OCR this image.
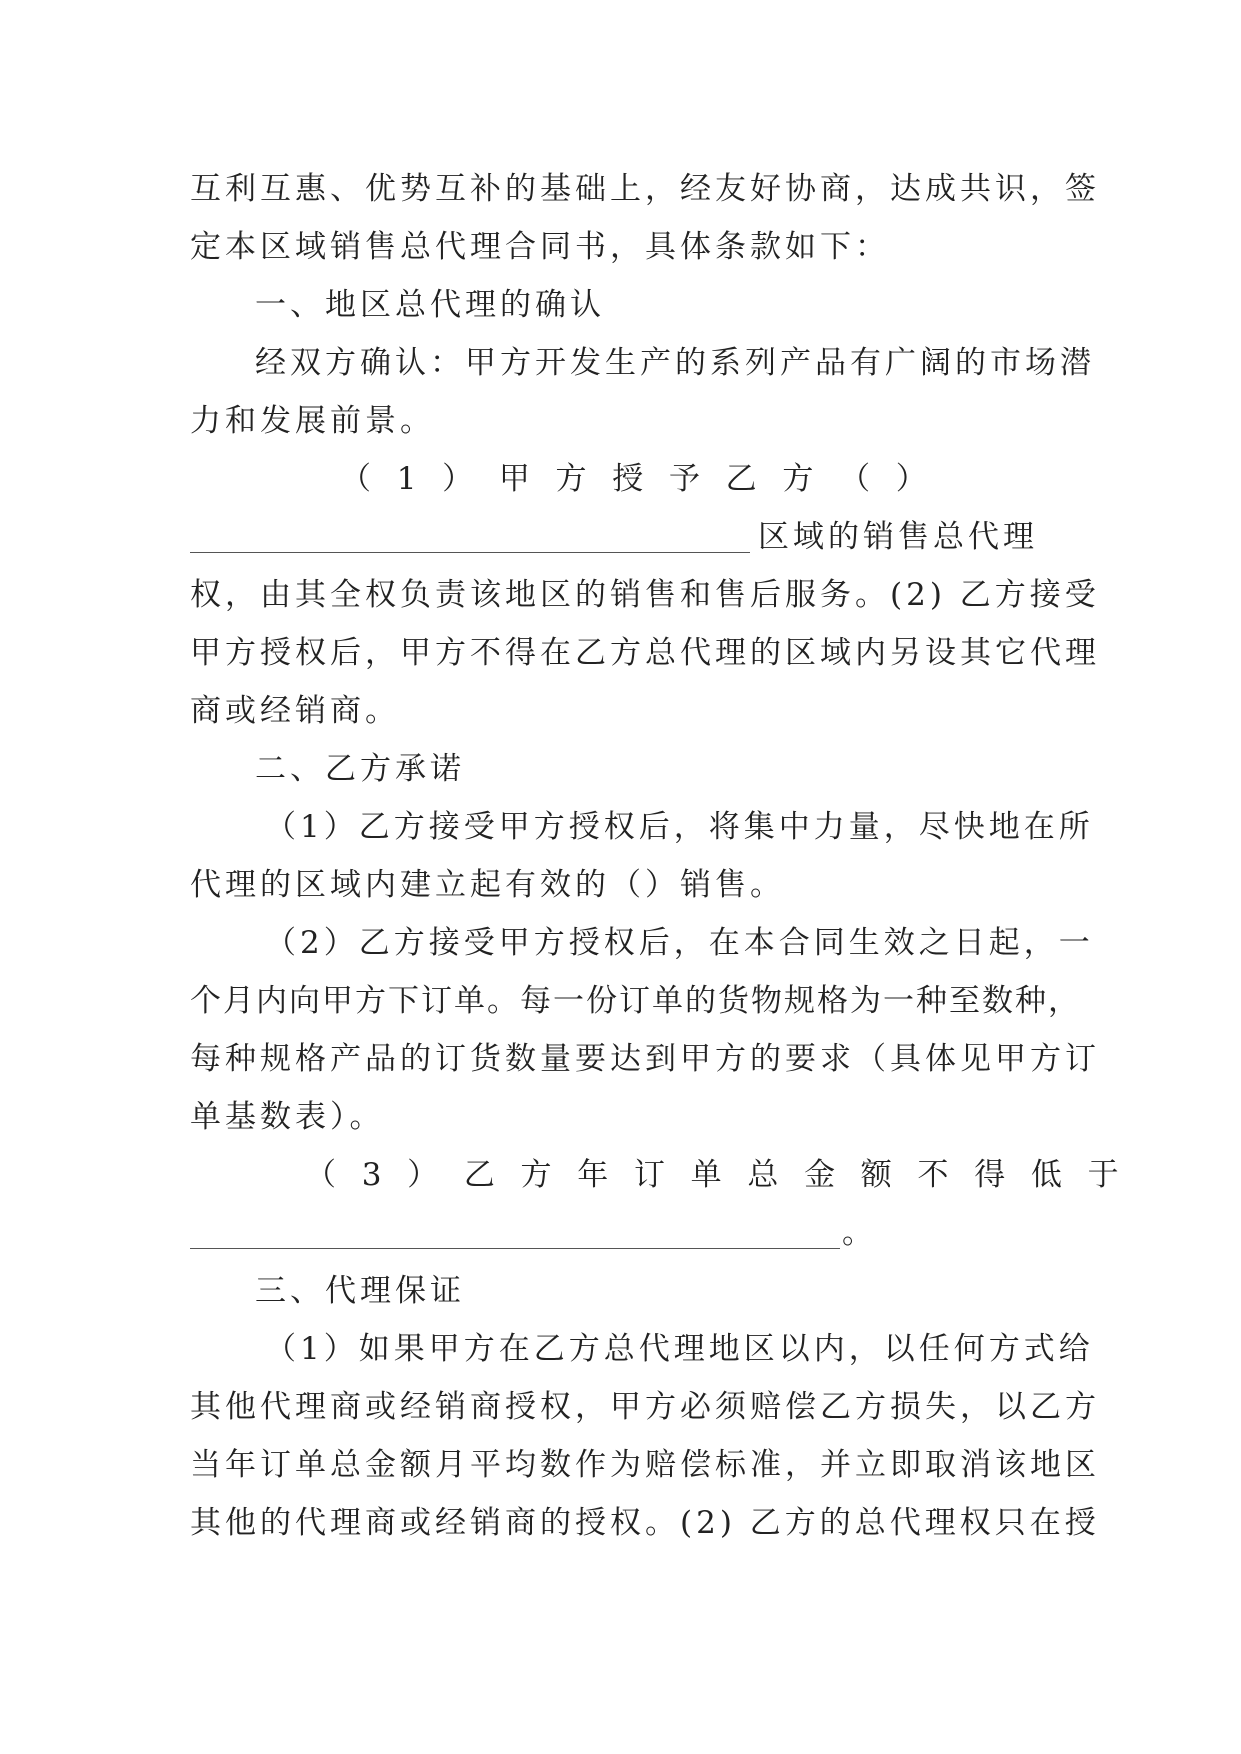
互利互惠、优势互补的基础上，经友好协商，达成共识，签
定本区域销售总代理合同书，具体条款如下：
一、地区总代理的确认
经双方确认：甲方开发生产的系列产品有广阔的市场潜
力和发展前景。
（  1  ）  甲  方  授  予  乙  方  （  ）
区域的销售总代理
权，由其全权负责该地区的销售和售后服务。(2) 乙方接受
甲方授权后，甲方不得在乙方总代理的区域内另设其它代理
商或经销商。
二、乙方承诺
（1）乙方接受甲方授权后，将集中力量，尽快地在所
代理的区域内建立起有效的（）销售。
（2）乙方接受甲方授权后，在本合同生效之日起，一
个月内向甲方下订单。每一份订单的货物规格为一种至数种，
每种规格产品的订货数量要达到甲方的要求（具体见甲方订
单基数表）。
（  3  ）  乙  方  年  订  单  总  金  额  不  得  低  于
。
三、代理保证
（1）如果甲方在乙方总代理地区以内，以任何方式给
其他代理商或经销商授权，甲方必须赔偿乙方损失，以乙方
当年订单总金额月平均数作为赔偿标准，并立即取消该地区
其他的代理商或经销商的授权。(2) 乙方的总代理权只在授
